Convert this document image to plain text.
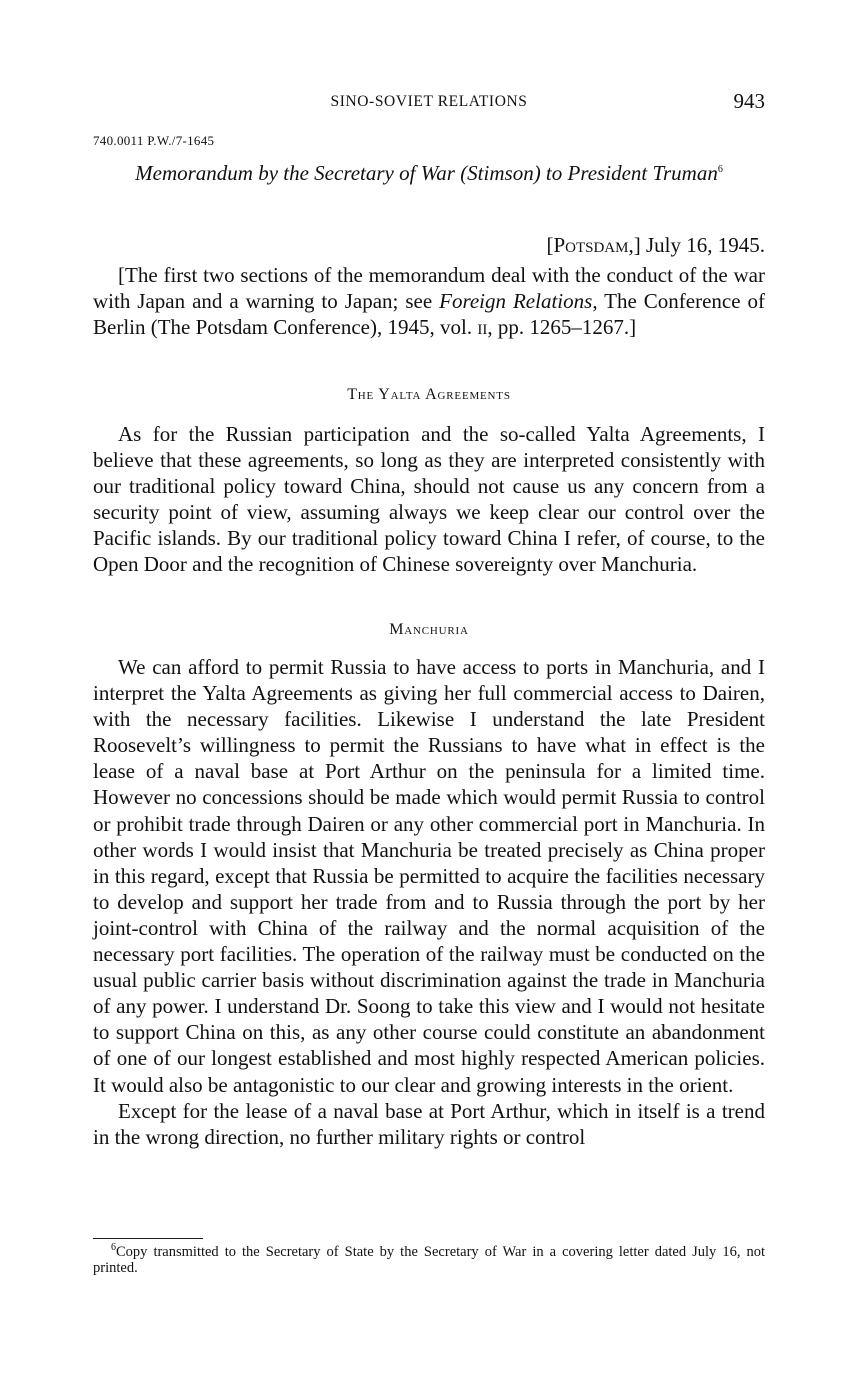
SINO-SOVIET RELATIONS	943
740.0011 P.W./7-1645
Memorandum by the Secretary of War (Stimson) to President Truman$^6$
[Potsdam,] July 16, 1945.

[The first two sections of the memorandum deal with the conduct of the war with Japan and a warning to Japan; see Foreign Relations, The Conference of Berlin (The Potsdam Conference), 1945, vol. ii, pp. 1265–1267.]

The Yalta Agreements

As for the Russian participation and the so-called Yalta Agreements, I believe that these agreements, so long as they are interpreted consistently with our traditional policy toward China, should not cause us any concern from a security point of view, assuming always we keep clear our control over the Pacific islands. By our traditional policy toward China I refer, of course, to the Open Door and the recognition of Chinese sovereignty over Manchuria.

Manchuria

We can afford to permit Russia to have access to ports in Manchuria, and I interpret the Yalta Agreements as giving her full commercial access to Dairen, with the necessary facilities. Likewise I understand the late President Roosevelt’s willingness to permit the Russians to have what in effect is the lease of a naval base at Port Arthur on the peninsula for a limited time. However no concessions should be made which would permit Russia to control or prohibit trade through Dairen or any other commercial port in Manchuria. In other words I would insist that Manchuria be treated precisely as China proper in this regard, except that Russia be permitted to acquire the facilities necessary to develop and support her trade from and to Russia through the port by her joint-control with China of the railway and the normal acquisition of the necessary port facilities. The operation of the railway must be conducted on the usual public carrier basis without discrimination against the trade in Manchuria of any power. I understand Dr. Soong to take this view and I would not hesitate to support China on this, as any other course could constitute an abandonment of one of our longest established and most highly respected American policies. It would also be antagonistic to our clear and growing interests in the orient.

Except for the lease of a naval base at Port Arthur, which in itself is a trend in the wrong direction, no further military rights or control

$^6$Copy transmitted to the Secretary of State by the Secretary of War in a covering letter dated July 16, not printed.
